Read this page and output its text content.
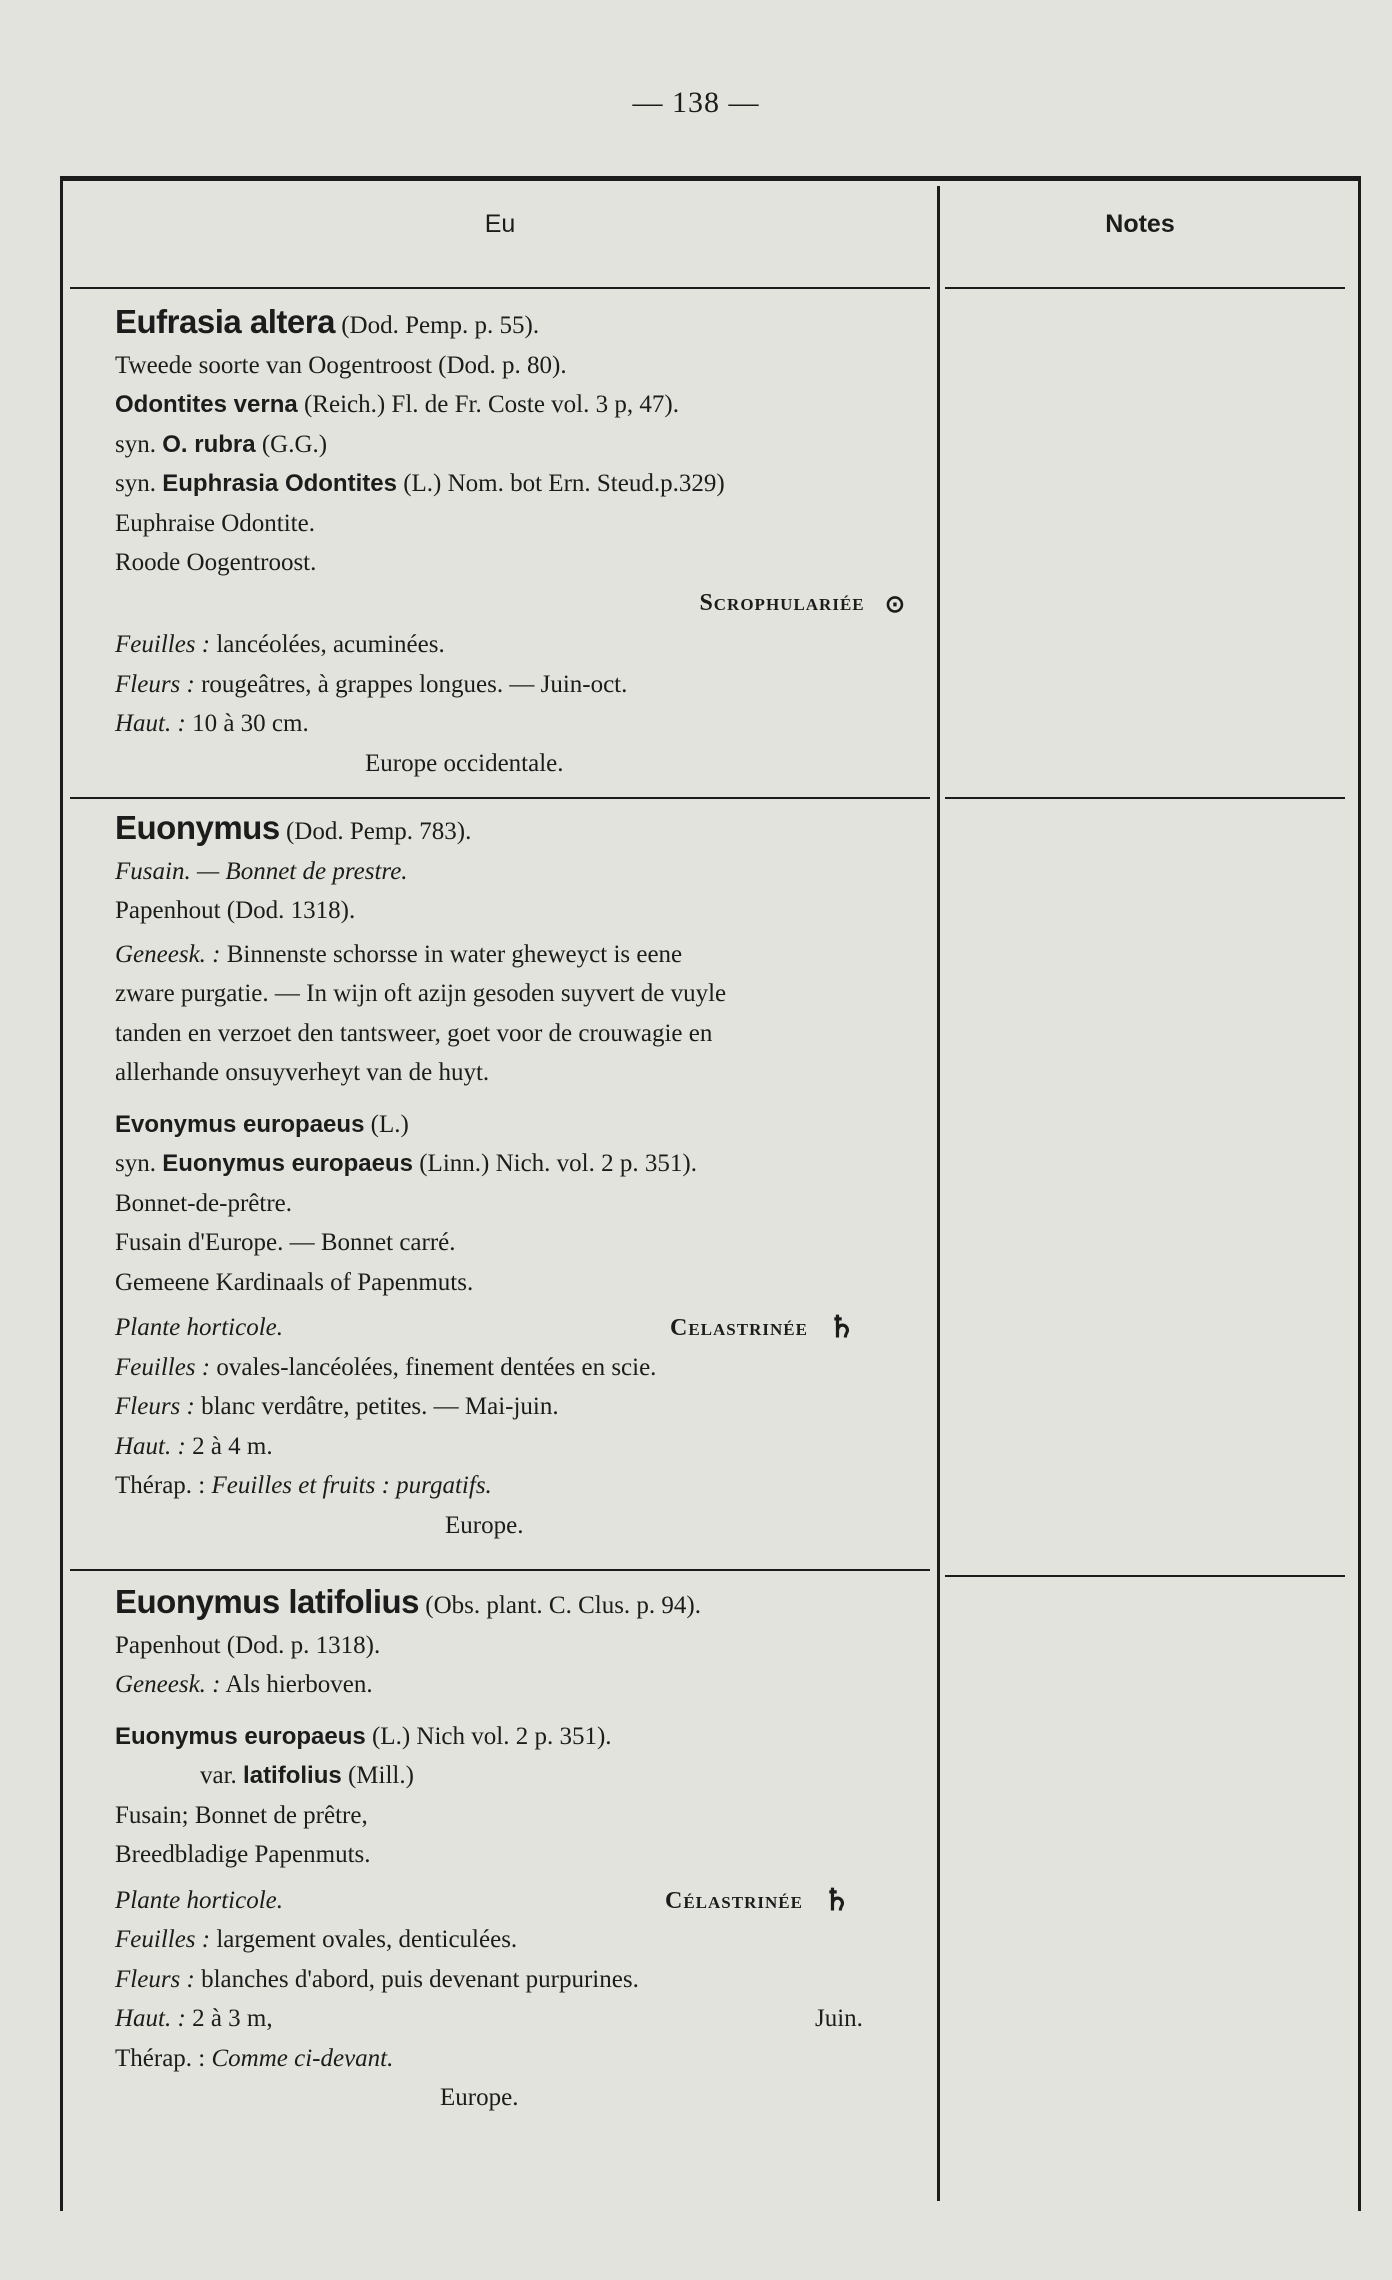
— 138 —
Eu	Notes
Eufrasia altera (Dod. Pemp. p. 55).
Tweede soorte van Oogentroost (Dod. p. 80).
Odontites verna (Reich.) Fl. de Fr. Coste vol. 3 p, 47).
syn. O. rubra (G.G.)
syn. Euphrasia Odontites (L.) Nom. bot Ern. Steud.p.329)
Euphraise Odontite.
Roode Oogentroost.
Scrophulariée ⊙
Feuilles : lancéolées, acuminées.
Fleurs : rougeâtres, à grappes longues. — Juin-oct.
Haut. : 10 à 30 cm.
Europe occidentale.
Euonymus (Dod. Pemp. 783).
Fusain. — Bonnet de prestre.
Papenhout (Dod. 1318).
Geneesk. : Binnenste schorsse in water gheweyct is eene
zware purgatie. — In wijn oft azijn gesoden suyvert de vuyle
tanden en verzoet den tantsweer, goet voor de crouwagie en
allerhande onsuyverheyt van de huyt.
Evonymus europaeus (L.)
syn. Euonymus europaeus (Linn.) Nich. vol. 2 p. 351).
Bonnet-de-prêtre.
Fusain d'Europe. — Bonnet carré.
Gemeene Kardinaals of Papenmuts.
Plante horticole.	Celastrinée ♄
Feuilles : ovales-lancéolées, finement dentées en scie.
Fleurs : blanc verdâtre, petites. — Mai-juin.
Haut. : 2 à 4 m.
Thérap. : Feuilles et fruits : purgatifs.
Europe.
Euonymus latifolius (Obs. plant. C. Clus. p. 94).
Papenhout (Dod. p. 1318).
Geneesk. : Als hierboven.
Euonymus europaeus (L.) Nich vol. 2 p. 351).
var. latifolius (Mill.)
Fusain; Bonnet de prêtre,
Breedbladige Papenmuts.
Plante horticole.	Célastrinée ♄
Feuilles : largement ovales, denticulées.
Fleurs : blanches d'abord, puis devenant purpurines.
Haut. : 2 à 3 m,	Juin.
Thérap. : Comme ci-devant.
Europe.
